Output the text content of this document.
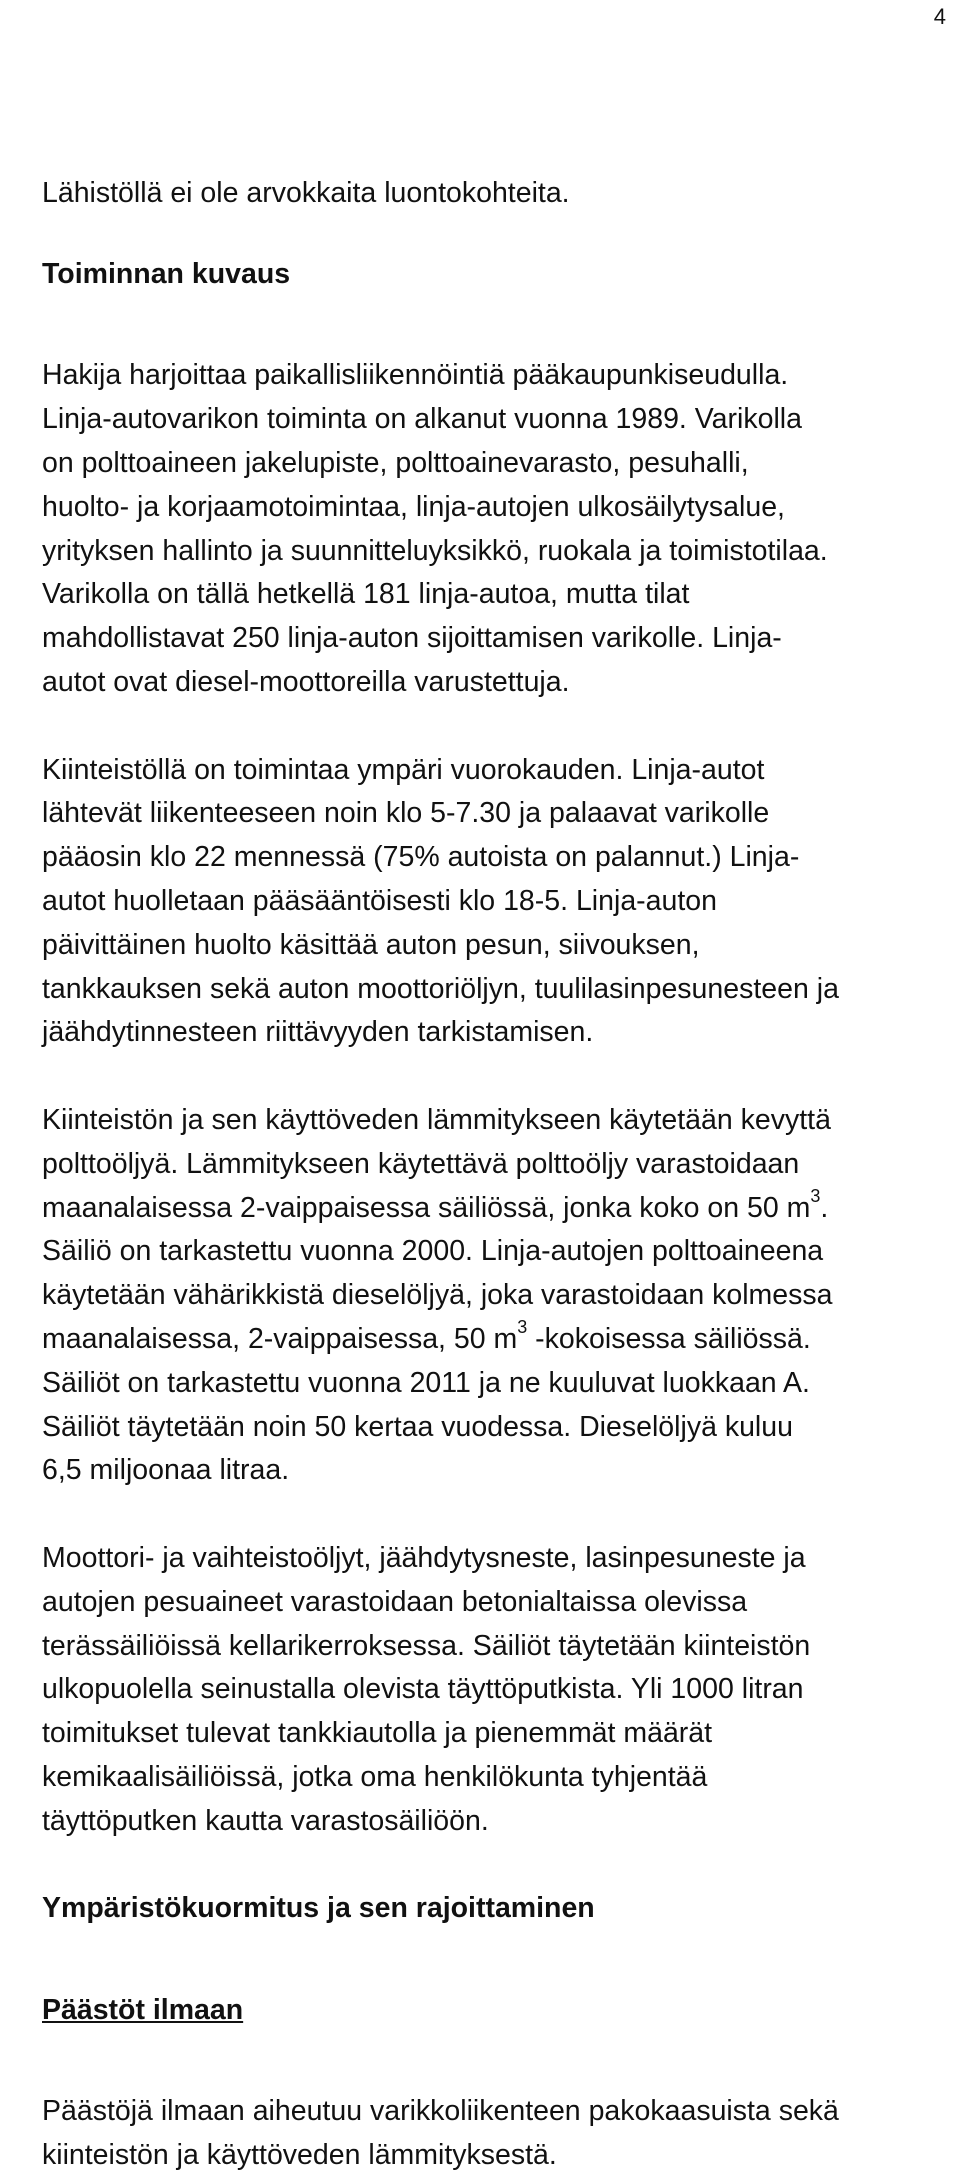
4

Lähistöllä ei ole arvokkaita luontokohteita.

Toiminnan kuvaus

Hakija harjoittaa paikallisliikennöintiä pääkaupunkiseudulla.
Linja-autovarikon toiminta on alkanut vuonna 1989. Varikolla
on polttoaineen jakelupiste, polttoainevarasto, pesuhalli,
huolto- ja korjaamotoimintaa, linja-autojen ulkosäilytysalue,
yrityksen hallinto ja suunnitteluyksikkö, ruokala ja toimistotilaa.
Varikolla on tällä hetkellä 181 linja-autoa, mutta tilat
mahdollistavat 250 linja-auton sijoittamisen varikolle. Linja-
autot ovat diesel-moottoreilla varustettuja.

Kiinteistöllä on toimintaa ympäri vuorokauden. Linja-autot
lähtevät liikenteeseen noin klo 5-7.30 ja palaavat varikolle
pääosin klo 22 mennessä (75% autoista on palannut.) Linja-
autot huolletaan pääsääntöisesti klo 18-5. Linja-auton
päivittäinen huolto käsittää auton pesun, siivouksen,
tankkauksen sekä auton moottoriöljyn, tuulilasinpesunesteen ja
jäähdytinnesteen riittävyyden tarkistamisen.

Kiinteistön ja sen käyttöveden lämmitykseen käytetään kevyttä
polttoöljyä. Lämmitykseen käytettävä polttoöljy varastoidaan
maanalaisessa 2-vaippaisessa säiliössä, jonka koko on 50 $m^3$.
Säiliö on tarkastettu vuonna 2000. Linja-autojen polttoaineena
käytetään vähärikkistä dieselöljyä, joka varastoidaan kolmessa
maanalaisessa, 2-vaippaisessa, 50 $m^3$ -kokoisessa säiliössä.
Säiliöt on tarkastettu vuonna 2011 ja ne kuuluvat luokkaan A.
Säiliöt täytetään noin 50 kertaa vuodessa. Dieselöljyä kuluu
6,5 miljoonaa litraa.

Moottori- ja vaihteistoöljyt, jäähdytysneste, lasinpesuneste ja
autojen pesuaineet varastoidaan betonialtaissa olevissa
terässäiliöissä kellarikerroksessa. Säiliöt täytetään kiinteistön
ulkopuolella seinustalla olevista täyttöputkista. Yli 1000 litran
toimitukset tulevat tankkiautolla ja pienemmät määrät
kemikaalisäiliöissä, jotka oma henkilökunta tyhjentää
täyttöputken kautta varastosäiliöön.

Ympäristökuormitus ja sen rajoittaminen
Päästöt ilmaan

Päästöjä ilmaan aiheutuu varikkoliikenteen pakokaasuista sekä
kiinteistön ja käyttöveden lämmityksestä.
